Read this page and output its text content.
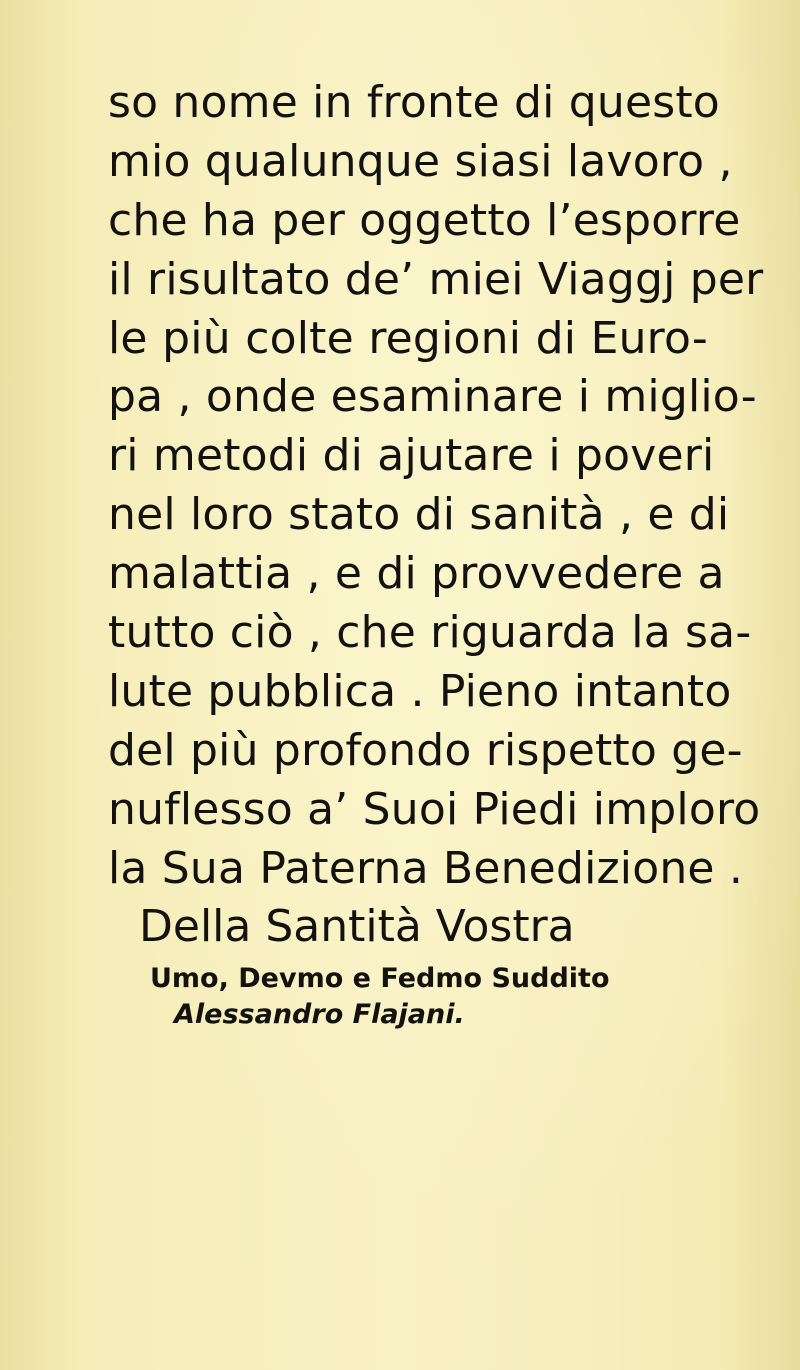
so nome in fronte di questo
mio qualunque siasi lavoro ,
che ha per oggetto l’esporre
il risultato de’ miei Viaggj per
le più colte regioni di Euro-
pa , onde esaminare i miglio-
ri metodi di ajutare i poveri
nel loro stato di sanità , e di
malattia , e di provvedere a
tutto ciò , che riguarda la sa-
lute pubblica . Pieno intanto
del più profondo rispetto ge-
nuflesso a’ Suoi Piedi imploro
la Sua Paterna Benedizione .
Della Santità Vostra
Umo, Devmo e Fedmo Suddito
Alessandro Flajani.
